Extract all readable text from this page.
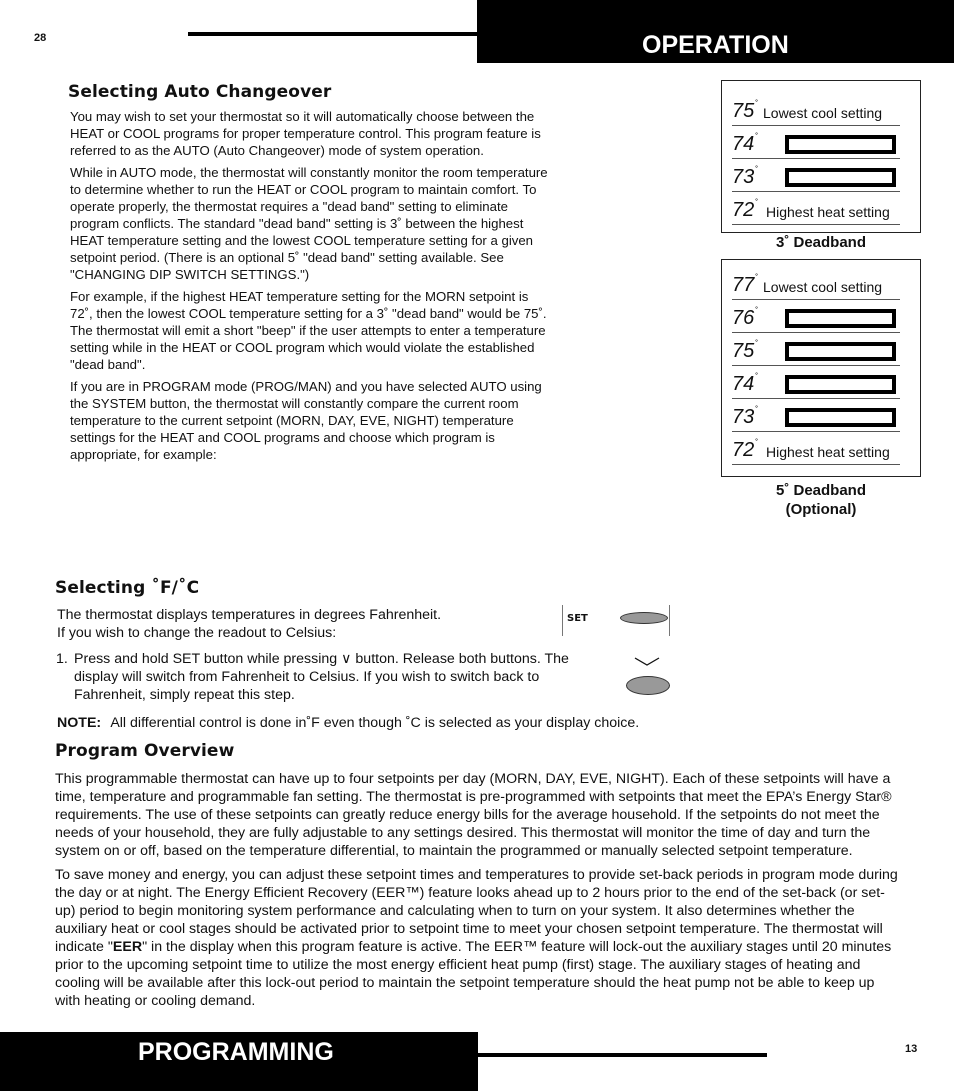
28	OPERATION
Selecting Auto Changeover

You may wish to set your thermostat so it will automatically choose between the HEAT or COOL programs for proper temperature control. This program feature is referred to as the AUTO (Auto Changeover) mode of system operation.

While in AUTO mode, the thermostat will constantly monitor the room temperature to determine whether to run the HEAT or COOL program to maintain comfort. To operate properly, the thermostat requires a "dead band" setting to eliminate program conflicts. The standard "dead band" setting is 3˚ between the highest HEAT temperature setting and the lowest COOL temperature setting for a given setpoint period. (There is an optional 5˚ "dead band" setting available. See "CHANGING DIP SWITCH SETTINGS.")

For example, if the highest HEAT temperature setting for the MORN setpoint is 72˚, then the lowest COOL temperature setting for a 3˚ "dead band" would be 75˚. The thermostat will emit a short "beep" if the user attempts to enter a temperature setting while in the HEAT or COOL program which would violate the established "dead band".

If you are in PROGRAM mode (PROG/MAN) and you have selected AUTO using the SYSTEM button, the thermostat will constantly compare the current room temperature to the current setpoint (MORN, DAY, EVE, NIGHT) temperature settings for the HEAT and COOL programs and choose which program is appropriate, for example:

75˚
Lowest cool setting
74˚
73˚
72˚
Highest heat setting
3˚ Deadband
77˚
Lowest cool setting
76˚
75˚
74˚
73˚
72˚
Highest heat setting
5˚ Deadband
(Optional)
Selecting ˚F/˚C

The thermostat displays temperatures in degrees Fahrenheit.

If you wish to change the readout to Celsius:

1. Press and hold SET button while pressing ∨ button. Release both buttons. The display will switch from Fahrenheit to Celsius. If you wish to switch back to Fahrenheit, simply repeat this step.

SET
NOTE: All differential control is done in˚F even though ˚C is selected as your display choice.
Program Overview

This programmable thermostat can have up to four setpoints per day (MORN, DAY, EVE, NIGHT). Each of these setpoints will have a time, temperature and programmable fan setting. The thermostat is pre-programmed with setpoints that meet the EPA’s Energy Star® requirements. The use of these setpoints can greatly reduce energy bills for the average household. If the setpoints do not meet the needs of your household, they are fully adjustable to any settings desired. This thermostat will monitor the time of day and turn the system on or off, based on the temperature differential, to maintain the programmed or manually selected setpoint temperature.

To save money and energy, you can adjust these setpoint times and temperatures to provide set-back periods in program mode during the day or at night. The Energy Efficient Recovery (EER™) feature looks ahead up to 2 hours prior to the end of the set-back (or set-up) period to begin monitoring system performance and calculating when to turn on your system. It also determines whether the auxiliary heat or cool stages should be activated prior to setpoint time to meet your chosen setpoint temperature. The thermostat will indicate "EER" in the display when this program feature is active. The EER™ feature will lock-out the auxiliary stages until 20 minutes prior to the upcoming setpoint time to utilize the most energy efficient heat pump (first) stage. The auxiliary stages of heating and cooling will be available after this lock-out period to maintain the setpoint temperature should the heat pump not be able to keep up with heating or cooling demand.

PROGRAMMING	13
